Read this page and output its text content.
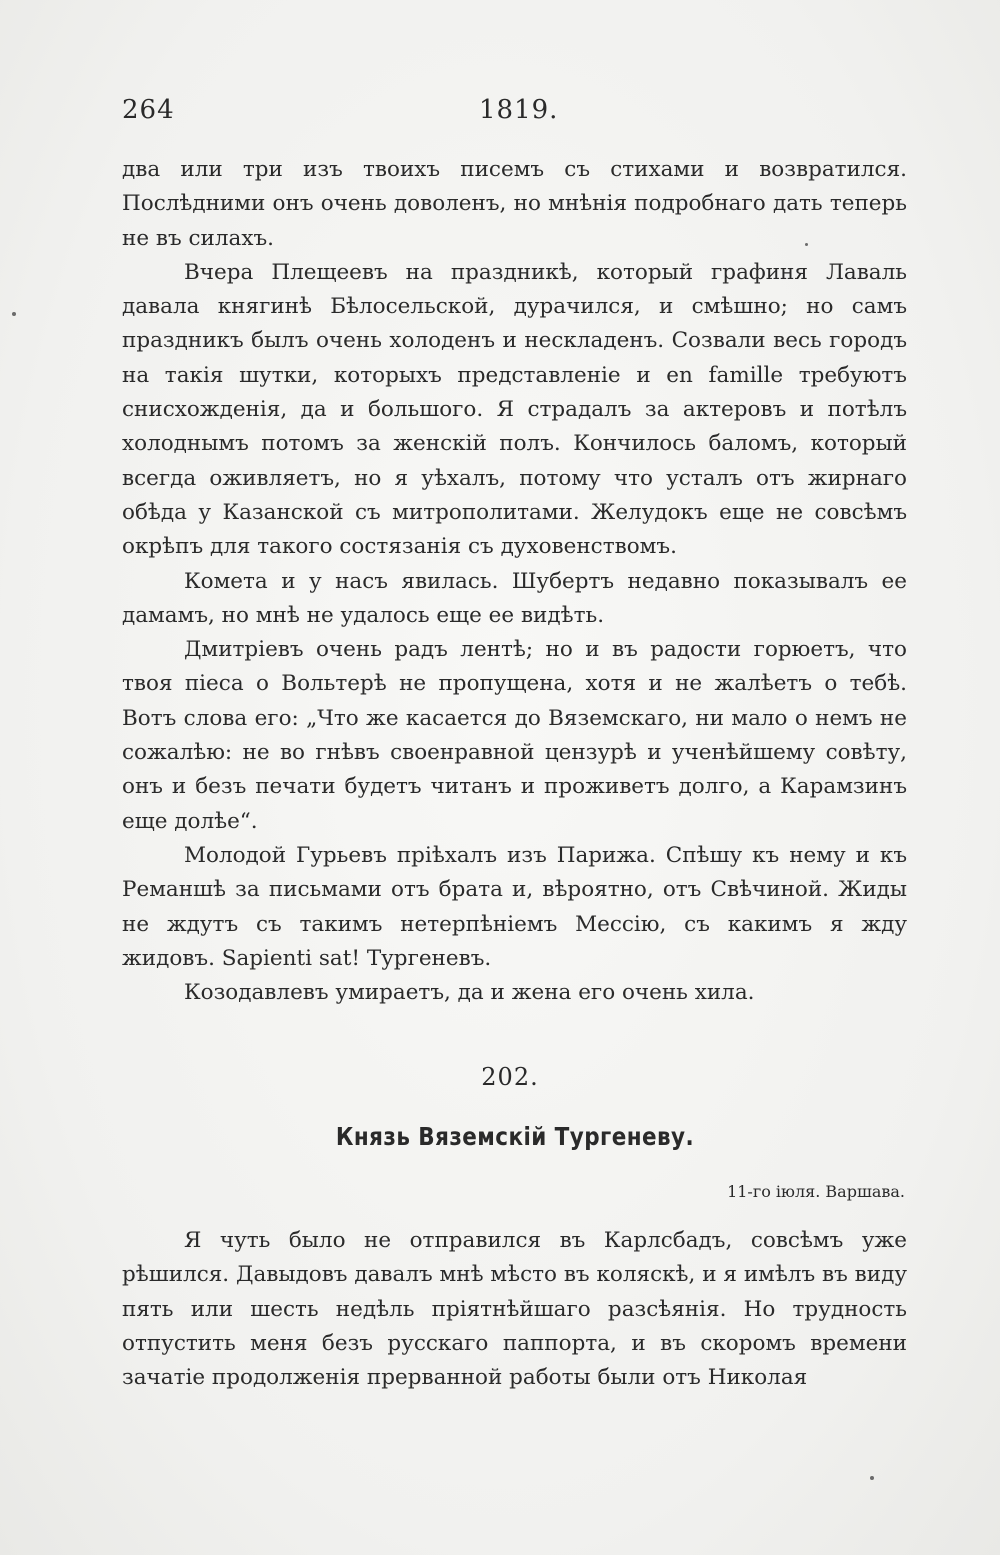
264	1819.

два или три изъ твоихъ писемъ съ стихами и возвратился. Послѣдними онъ очень доволенъ, но мнѣнія подробнаго дать теперь не въ силахъ.

Вчера Плещеевъ на праздникѣ, который графиня Лаваль давала княгинѣ Бѣлосельской, дурачился, и смѣшно; но самъ праздникъ былъ очень холоденъ и нескладенъ. Созвали весь городъ на такія шутки, которыхъ представленіе и en famille требуютъ снисхожденія, да и большого. Я страдалъ за актеровъ и потѣлъ холоднымъ потомъ за женскій полъ. Кончилось баломъ, который всегда оживляетъ, но я уѣхалъ, потому что усталъ отъ жирнаго обѣда у Казанской съ митрополитами. Желудокъ еще не совсѣмъ окрѣпъ для такого состязанія съ духовенствомъ.

Комета и у насъ явилась. Шубертъ недавно показывалъ ее дамамъ, но мнѣ не удалось еще ее видѣть.

Дмитріевъ очень радъ лентѣ; но и въ радости горюетъ, что твоя піеса о Вольтерѣ не пропущена, хотя и не жалѣетъ о тебѣ. Вотъ слова его: „Что же касается до Вяземскаго, ни мало о немъ не сожалѣю: не во гнѣвъ своенравной цензурѣ и ученѣйшему совѣту, онъ и безъ печати будетъ читанъ и проживетъ долго, а Карамзинъ еще долѣе“.

Молодой Гурьевъ пріѣхалъ изъ Парижа. Спѣшу къ нему и къ Реманшѣ за письмами отъ брата и, вѣроятно, отъ Свѣчиной. Жиды не ждутъ съ такимъ нетерпѣніемъ Мессію, съ какимъ я жду жидовъ. Sapienti sat! Тургеневъ.

Козодавлевъ умираетъ, да и жена его очень хила.

202.
Князь Вяземскій Тургеневу.
11-го іюля. Варшава.

Я чуть было не отправился въ Карлсбадъ, совсѣмъ уже рѣшился. Давыдовъ давалъ мнѣ мѣсто въ коляскѣ, и я имѣлъ въ виду пять или шесть недѣль пріятнѣйшаго разсѣянія. Но трудность отпустить меня безъ русскаго паппорта, и въ скоромъ времени зачатіе продолженія прерванной работы были отъ Николая
